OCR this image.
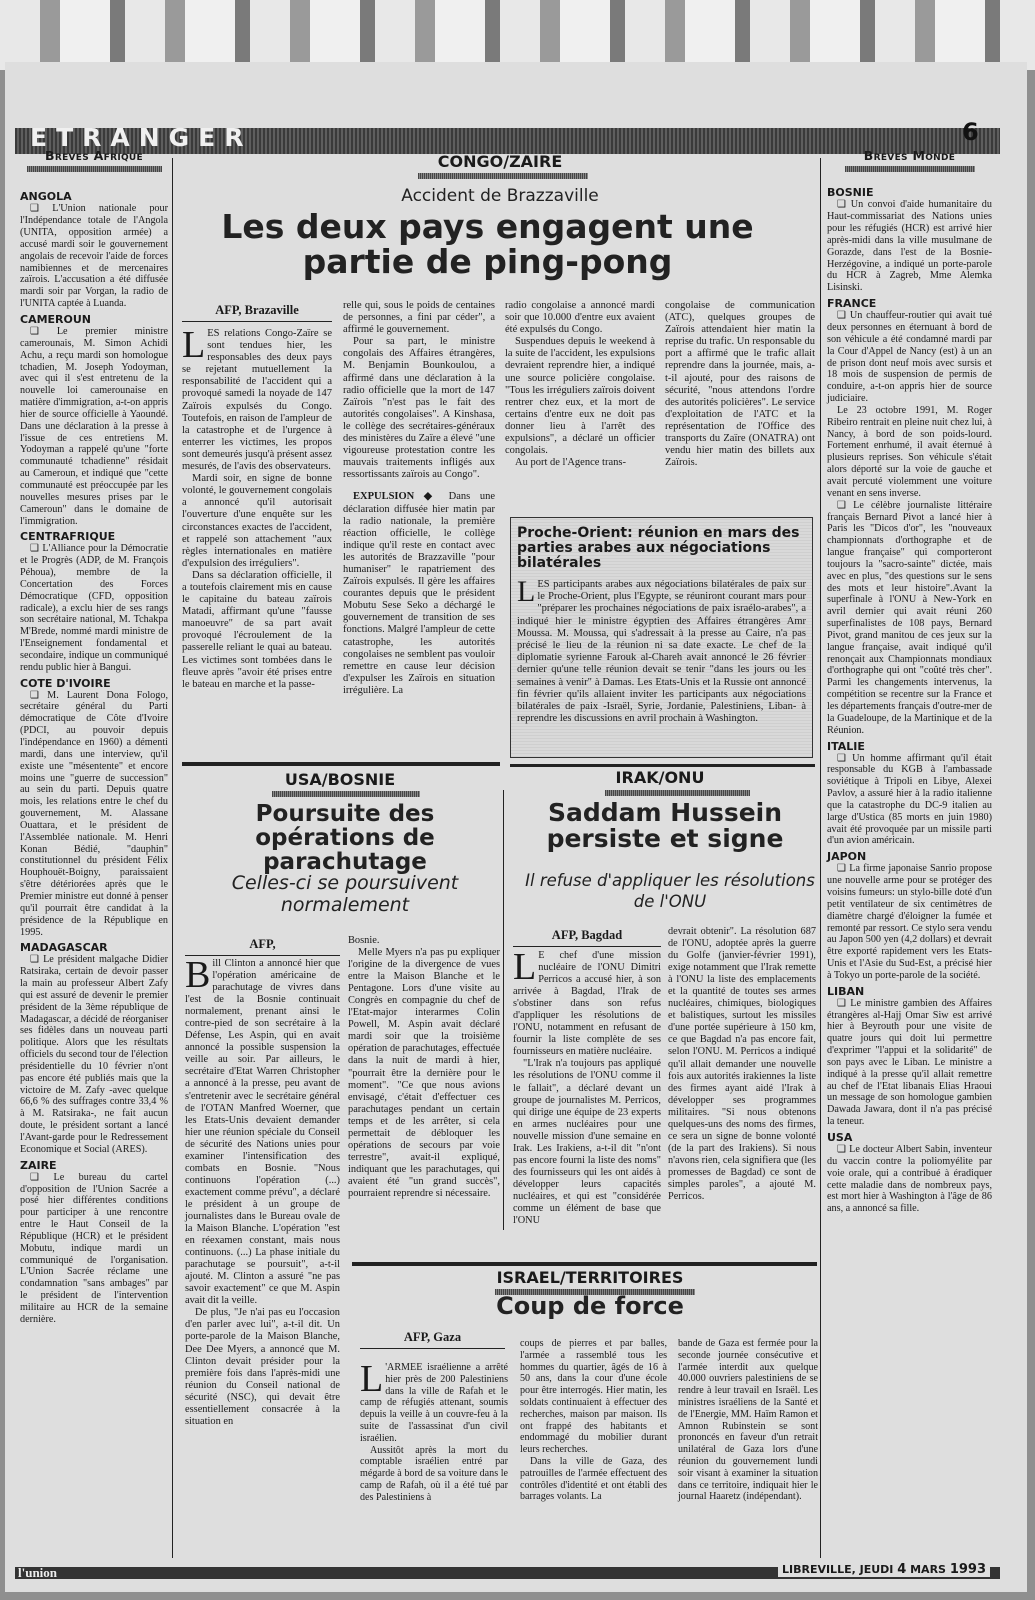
ETRANGER	6
Breves Afrique
ANGOLA

❑ L'Union nationale pour l'Indépendance totale de l'Angola (UNITA, opposition armée) a accusé mardi soir le gouvernement angolais de recevoir l'aide de forces namibiennes et de mercenaires zaïrois. L'accusation a été diffusée mardi soir par Vorgan, la radio de l'UNITA captée à Luanda.

CAMEROUN

❑ Le premier ministre camerounais, M. Simon Achidi Achu, a reçu mardi son homologue tchadien, M. Joseph Yodoyman, avec qui il s'est entretenu de la nouvelle loi camerounaise en matière d'immigration, a-t-on appris hier de source officielle à Yaoundé. Dans une déclaration à la presse à l'issue de ces entretiens M. Yodoyman a rappelé qu'une "forte communauté tchadienne" résidait au Cameroun, et indiqué que "cette communauté est préoccupée par les nouvelles mesures prises par le Cameroun" dans le domaine de l'immigration.

CENTRAFRIQUE

❑ L'Alliance pour la Démocratie et le Progrès (ADP, de M. François Péhoua), membre de la Concertation des Forces Démocratique (CFD, opposition radicale), a exclu hier de ses rangs son secrétaire national, M. Tchakpa M'Brede, nommé mardi ministre de l'Enseignement fondamental et secondaire, indique un communiqué rendu public hier à Bangui.

COTE D'IVOIRE

❑ M. Laurent Dona Fologo, secrétaire général du Parti démocratique de Côte d'Ivoire (PDCI, au pouvoir depuis l'indépendance en 1960) a démenti mardi, dans une interview, qu'il existe une "mésentente" et encore moins une "guerre de succession" au sein du parti. Depuis quatre mois, les relations entre le chef du gouvernement, M. Alassane Ouattara, et le président de l'Assemblée nationale. M. Henri Konan Bédié, "dauphin" constitutionnel du président Félix Houphouët-Boigny, paraissaient s'être détériorées après que le Premier ministre eut donné à penser qu'il pourrait être candidat à la présidence de la République en 1995.

MADAGASCAR

❑ Le président malgache Didier Ratsiraka, certain de devoir passer la main au professeur Albert Zafy qui est assuré de devenir le premier président de la 3ème république de Madagascar, a décidé de réorganiser ses fidèles dans un nouveau parti politique. Alors que les résultats officiels du second tour de l'élection présidentielle du 10 février n'ont pas encore été publiés mais que la victoire de M. Zafy -avec quelque 66,6 % des suffrages contre 33,4 % à M. Ratsiraka-, ne fait aucun doute, le président sortant a lancé l'Avant-garde pour le Redressement Economique et Social (ARES).

ZAIRE

❑ Le bureau du cartel d'opposition de l'Union Sacrée a posé hier différentes conditions pour participer à une rencontre entre le Haut Conseil de la République (HCR) et le président Mobutu, indique mardi un communiqué de l'organisation. L'Union Sacrée réclame une condamnation "sans ambages" par le président de l'intervention militaire au HCR de la semaine dernière.

CONGO/ZAIRE
Accident de Brazzaville
Les deux pays engagent une partie de ping-pong
AFP, Brazaville
L ES relations Congo-Zaïre se sont tendues hier, les responsables des deux pays se rejetant mutuellement la responsabilité de l'accident qui a provoqué samedi la noyade de 147 Zaïrois expulsés du Congo. Toutefois, en raison de l'ampleur de la catastrophe et de l'urgence à enterrer les victimes, les propos sont demeurés jusqu'à présent assez mesurés, de l'avis des observateurs.

Mardi soir, en signe de bonne volonté, le gouvernement congolais a annoncé qu'il autorisait l'ouverture d'une enquête sur les circonstances exactes de l'accident, et rappelé son attachement "aux règles internationales en matière d'expulsion des irréguliers".

Dans sa déclaration officielle, il a toutefois clairement mis en cause le capitaine du bateau zaïrois Matadi, affirmant qu'une "fausse manoeuvre" de sa part avait provoqué l'écroulement de la passerelle reliant le quai au bateau. Les victimes sont tombées dans le fleuve après "avoir été prises entre le bateau en marche et la passe-

relle qui, sous le poids de centaines de personnes, a fini par céder", a affirmé le gouvernement.

Pour sa part, le ministre congolais des Affaires étrangères, M. Benjamin Bounkoulou, a affirmé dans une déclaration à la radio officielle que la mort de 147 Zaïrois "n'est pas le fait des autorités congolaises". A Kinshasa, le collège des secrétaires-généraux des ministères du Zaïre a élevé "une vigoureuse protestation contre les mauvais traitements infligés aux ressortissants zaïrois au Congo".

EXPULSION ◆ Dans une déclaration diffusée hier matin par la radio nationale, la première réaction officielle, le collège indique qu'il reste en contact avec les autorités de Brazzaville "pour humaniser" le rapatriement des Zaïrois expulsés. Il gère les affaires courantes depuis que le président Mobutu Sese Seko a déchargé le gouvernement de transition de ses fonctions. Malgré l'ampleur de cette catastrophe, les autorités congolaises ne semblent pas vouloir remettre en cause leur décision d'expulser les Zaïrois en situation irrégulière. La

radio congolaise a annoncé mardi soir que 10.000 d'entre eux avaient été expulsés du Congo.

Suspendues depuis le weekend à la suite de l'accident, les expulsions devraient reprendre hier, a indiqué une source policière congolaise. "Tous les irréguliers zaïrois doivent rentrer chez eux, et la mort de certains d'entre eux ne doit pas donner lieu à l'arrêt des expulsions", a déclaré un officier congolais.

Au port de l'Agence trans-

congolaise de communication (ATC), quelques groupes de Zaïrois attendaient hier matin la reprise du trafic. Un responsable du port a affirmé que le trafic allait reprendre dans la journée, mais, a-t-il ajouté, pour des raisons de sécurité, "nous attendons l'ordre des autorités policières". Le service d'exploitation de l'ATC et la représentation de l'Office des transports du Zaïre (ONATRA) ont vendu hier matin des billets aux Zaïrois.

Proche-Orient: réunion en mars des parties arabes aux négociations bilatérales
LES participants arabes aux négociations bilatérales de paix sur le Proche-Orient, plus l'Egypte, se réuniront courant mars pour "préparer les prochaines négociations de paix israélo-arabes", a indiqué hier le ministre égyptien des Affaires étrangères Amr Moussa. M. Moussa, qui s'adressait à la presse au Caire, n'a pas précisé le lieu de la réunion ni sa date exacte. Le chef de la diplomatie syrienne Farouk al-Chareh avait annoncé le 26 février dernier qu'une telle réunion devait se tenir "dans les jours ou les semaines à venir" à Damas. Les Etats-Unis et la Russie ont annoncé fin février qu'ils allaient inviter les participants aux négociations bilatérales de paix -Israël, Syrie, Jordanie, Palestiniens, Liban- à reprendre les discussions en avril prochain à Washington.
USA/BOSNIE
Poursuite des opérations de parachutage
Celles-ci se poursuivent normalement
AFP,
B ill Clinton a annoncé hier que l'opération américaine de parachutage de vivres dans l'est de la Bosnie continuait normalement, prenant ainsi le contre-pied de son secrétaire à la Défense, Les Aspin, qui en avait annoncé la possible suspension la veille au soir. Par ailleurs, le secrétaire d'Etat Warren Christopher a annoncé à la presse, peu avant de s'entretenir avec le secrétaire général de l'OTAN Manfred Woerner, que les Etats-Unis devaient demander hier une réunion spéciale du Conseil de sécurité des Nations unies pour examiner l'intensification des combats en Bosnie. "Nous continuons l'opération (...) exactement comme prévu", a déclaré le président à un groupe de journalistes dans le Bureau ovale de la Maison Blanche. L'opération "est en réexamen constant, mais nous continuons. (...) La phase initiale du parachutage se poursuit", a-t-il ajouté. M. Clinton a assuré "ne pas savoir exactement" ce que M. Aspin avait dit la veille.

De plus, "Je n'ai pas eu l'occasion d'en parler avec lui", a-t-il dit. Un porte-parole de la Maison Blanche, Dee Dee Myers, a annoncé que M. Clinton devait présider pour la première fois dans l'après-midi une réunion du Conseil national de sécurité (NSC), qui devait être essentiellement consacrée à la situation en

Bosnie.

Melle Myers n'a pas pu expliquer l'origine de la divergence de vues entre la Maison Blanche et le Pentagone. Lors d'une visite au Congrès en compagnie du chef de l'Etat-major interarmes Colin Powell, M. Aspin avait déclaré mardi soir que la troisième opération de parachutages, effectuée dans la nuit de mardi à hier, "pourrait être la dernière pour le moment". "Ce que nous avions envisagé, c'était d'effectuer ces parachutages pendant un certain temps et de les arrêter, si cela permettait de débloquer les opérations de secours par voie terrestre", avait-il expliqué, indiquant que les parachutages, qui avaient été "un grand succès", pourraient reprendre si nécessaire.

IRAK/ONU
Saddam Hussein persiste et signe
Il refuse d'appliquer les résolutions de l'ONU
AFP, Bagdad
L E chef d'une mission nucléaire de l'ONU Dimitri Perricos a accusé hier, à son arrivée à Bagdad, l'Irak de s'obstiner dans son refus d'appliquer les résolutions de l'ONU, notamment en refusant de fournir la liste complète de ses fournisseurs en matière nucléaire.

"L'Irak n'a toujours pas appliqué les résolutions de l'ONU comme il le fallait", a déclaré devant un groupe de journalistes M. Perricos, qui dirige une équipe de 23 experts en armes nucléaires pour une nouvelle mission d'une semaine en Irak. Les Irakiens, a-t-il dit "n'ont pas encore fourni la liste des noms" des fournisseurs qui les ont aidés à développer leurs capacités nucléaires, et qui est "considérée comme un élément de base que l'ONU

devrait obtenir". La résolution 687 de l'ONU, adoptée après la guerre du Golfe (janvier-février 1991), exige notamment que l'Irak remette à l'ONU la liste des emplacements et la quantité de toutes ses armes nucléaires, chimiques, biologiques et balistiques, surtout les missiles d'une portée supérieure à 150 km, ce que Bagdad n'a pas encore fait, selon l'ONU. M. Perricos a indiqué qu'il allait demander une nouvelle fois aux autorités irakiennes la liste des firmes ayant aidé l'Irak à développer ses programmes militaires. "Si nous obtenons quelques-uns des noms des firmes, ce sera un signe de bonne volonté (de la part des Irakiens). Si nous n'avons rien, cela signifiera que (les promesses de Bagdad) ce sont de simples paroles", a ajouté M. Perricos.

ISRAEL/TERRITOIRES
Coup de force
AFP, Gaza
L 'ARMEE israélienne a arrêté hier près de 200 Palestiniens dans la ville de Rafah et le camp de réfugiés attenant, soumis depuis la veille à un couvre-feu à la suite de l'assassinat d'un civil israélien.

Aussitôt après la mort du comptable israélien entré par mégarde à bord de sa voiture dans le camp de Rafah, où il a été tué par des Palestiniens à

coups de pierres et par balles, l'armée a rassemblé tous les hommes du quartier, âgés de 16 à 50 ans, dans la cour d'une école pour être interrogés. Hier matin, les soldats continuaient à effectuer des recherches, maison par maison. Ils ont frappé des habitants et endommagé du mobilier durant leurs recherches.

Dans la ville de Gaza, des patrouilles de l'armée effectuent des contrôles d'identité et ont établi des barrages volants. La

bande de Gaza est fermée pour la seconde journée consécutive et l'armée interdit aux quelque 40.000 ouvriers palestiniens de se rendre à leur travail en Israël. Les ministres israéliens de la Santé et de l'Energie, MM. Haïm Ramon et Amnon Rubinstein se sont prononcés en faveur d'un retrait unilatéral de Gaza lors d'une réunion du gouvernement lundi soir visant à examiner la situation dans ce territoire, indiquait hier le journal Haaretz (indépendant).

Breves Monde
BOSNIE

❑ Un convoi d'aide humanitaire du Haut-commissariat des Nations unies pour les réfugiés (HCR) est arrivé hier après-midi dans la ville musulmane de Gorazde, dans l'est de la Bosnie-Herzégovine, a indiqué un porte-parole du HCR à Zagreb, Mme Alemka Lisinski.

FRANCE

❑ Un chauffeur-routier qui avait tué deux personnes en éternuant à bord de son véhicule a été condamné mardi par la Cour d'Appel de Nancy (est) à un an de prison dont neuf mois avec sursis et 18 mois de suspension de permis de conduire, a-t-on appris hier de source judiciaire.

Le 23 octobre 1991, M. Roger Ribeiro rentrait en pleine nuit chez lui, à Nancy, à bord de son poids-lourd. Fortement enrhumé, il avait éternué à plusieurs reprises. Son véhicule s'était alors déporté sur la voie de gauche et avait percuté violemment une voiture venant en sens inverse.

❑ Le célèbre journaliste littéraire français Bernard Pivot a lancé hier à Paris les "Dicos d'or", les "nouveaux championnats d'orthographe et de langue française" qui comporteront toujours la "sacro-sainte" dictée, mais avec en plus, "des questions sur le sens des mots et leur histoire".Avant la superfinale à l'ONU à New-York en avril dernier qui avait réuni 260 superfinalistes de 108 pays, Bernard Pivot, grand manitou de ces jeux sur la langue française, avait indiqué qu'il renonçait aux Championnats mondiaux d'orthographe qui ont "coûté très cher". Parmi les changements intervenus, la compétition se recentre sur la France et les départements français d'outre-mer de la Guadeloupe, de la Martinique et de la Réunion.

ITALIE

❑ Un homme affirmant qu'il était responsable du KGB à l'ambassade soviétique à Tripoli en Libye, Alexei Pavlov, a assuré hier à la radio italienne que la catastrophe du DC-9 italien au large d'Ustica (85 morts en juin 1980) avait été provoquée par un missile parti d'un avion américain.

JAPON

❑ La firme japonaise Sanrio propose une nouvelle arme pour se protéger des voisins fumeurs: un stylo-bille doté d'un petit ventilateur de six centimètres de diamètre chargé d'éloigner la fumée et remonté par ressort. Ce stylo sera vendu au Japon 500 yen (4,2 dollars) et devrait être exporté rapidement vers les Etats-Unis et l'Asie du Sud-Est, a précisé hier à Tokyo un porte-parole de la société.

LIBAN

❑ Le ministre gambien des Affaires étrangères al-Hajj Omar Siw est arrivé hier à Beyrouth pour une visite de quatre jours qui doit lui permettre d'exprimer "l'appui et la solidarité" de son pays avec le Liban. Le ministre a indiqué à la presse qu'il allait remettre au chef de l'Etat libanais Elias Hraoui un message de son homologue gambien Dawada Jawara, dont il n'a pas précisé la teneur.

USA

❑ Le docteur Albert Sabin, inventeur du vaccin contre la poliomyélite par voie orale, qui a contribué à éradiquer cette maladie dans de nombreux pays, est mort hier à Washington à l'âge de 86 ans, a annoncé sa fille.

l'union	LIBREVILLE, JEUDI 4 MARS 1993
